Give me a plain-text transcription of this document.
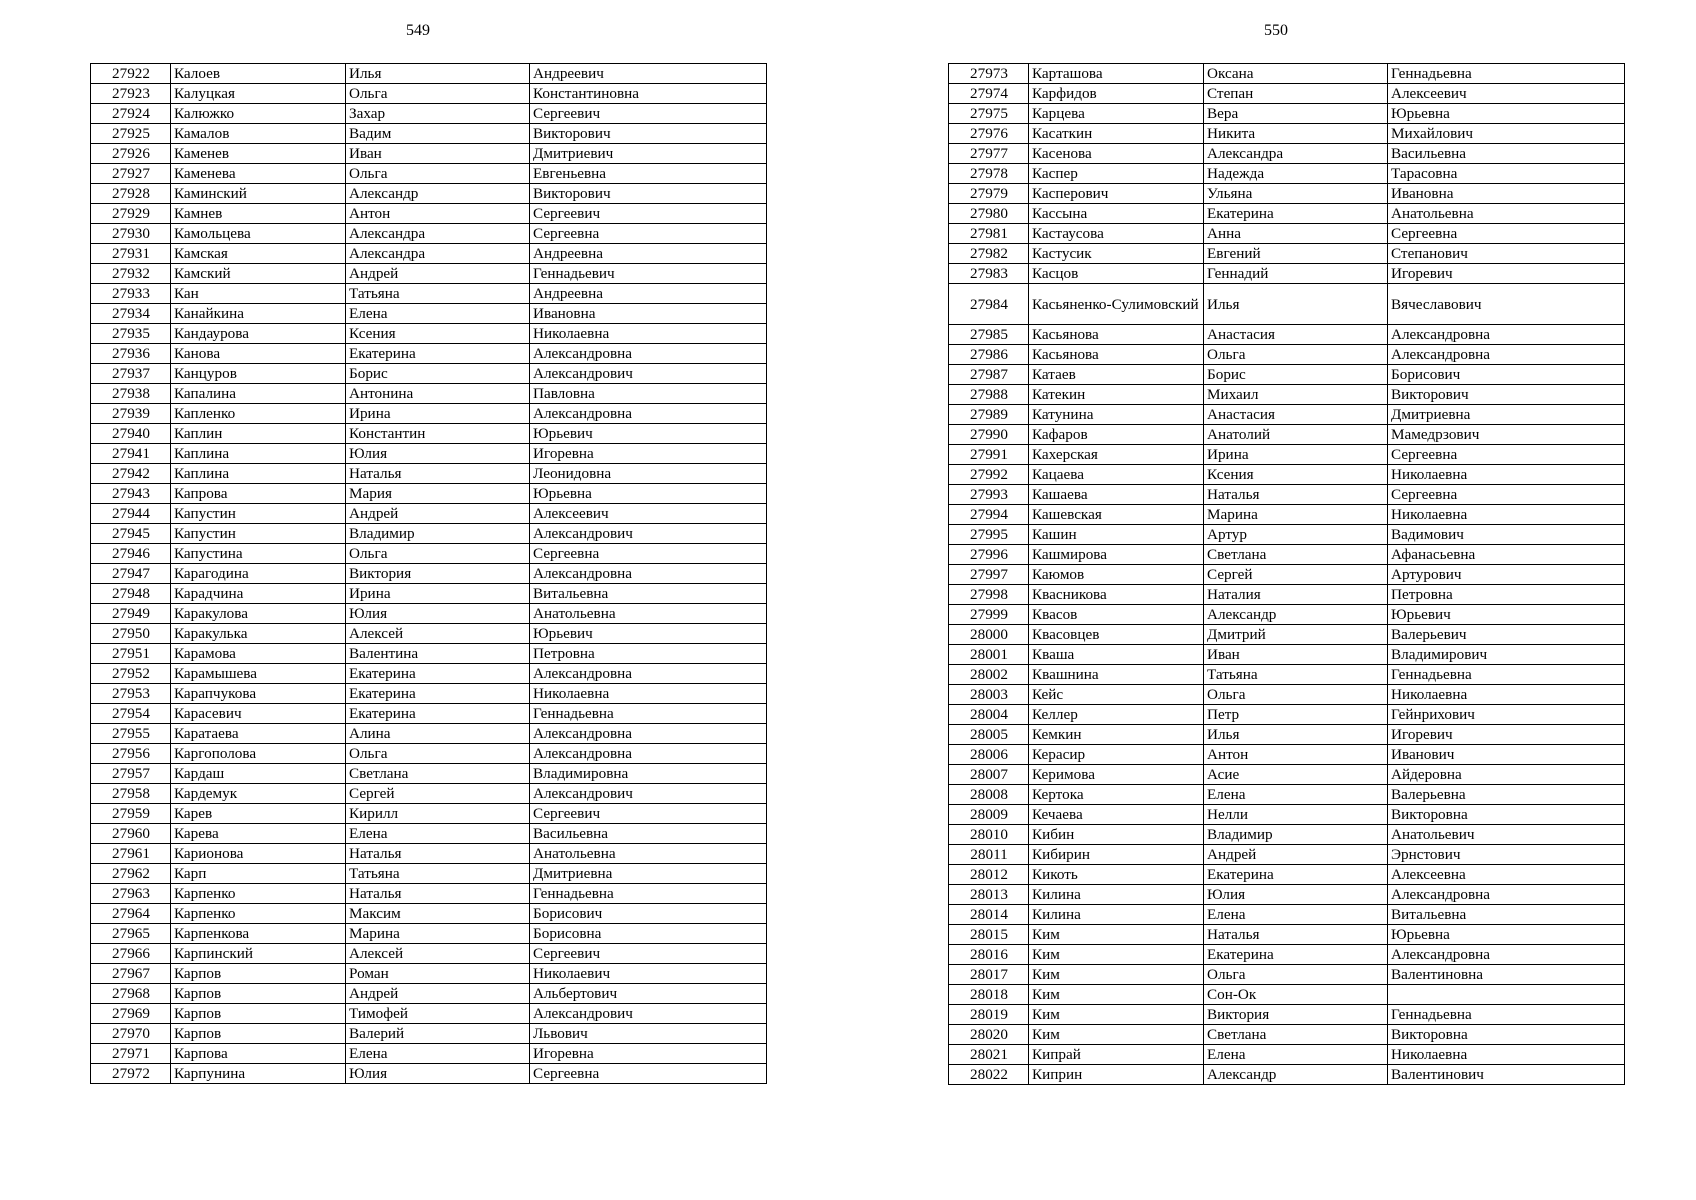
549	550
27922	Калоев	Илья	Андреевич
27923	Калуцкая	Ольга	Константиновна
27924	Калюжко	Захар	Сергеевич
27925	Камалов	Вадим	Викторович
27926	Каменев	Иван	Дмитриевич
27927	Каменева	Ольга	Евгеньевна
27928	Каминский	Александр	Викторович
27929	Камнев	Антон	Сергеевич
27930	Камольцева	Александра	Сергеевна
27931	Камская	Александра	Андреевна
27932	Камский	Андрей	Геннадьевич
27933	Кан	Татьяна	Андреевна
27934	Канайкина	Елена	Ивановна
27935	Кандаурова	Ксения	Николаевна
27936	Канова	Екатерина	Александровна
27937	Канцуров	Борис	Александрович
27938	Капалина	Антонина	Павловна
27939	Капленко	Ирина	Александровна
27940	Каплин	Константин	Юрьевич
27941	Каплина	Юлия	Игоревна
27942	Каплина	Наталья	Леонидовна
27943	Капрова	Мария	Юрьевна
27944	Капустин	Андрей	Алексеевич
27945	Капустин	Владимир	Александрович
27946	Капустина	Ольга	Сергеевна
27947	Карагодина	Виктория	Александровна
27948	Карадчина	Ирина	Витальевна
27949	Каракулова	Юлия	Анатольевна
27950	Каракулька	Алексей	Юрьевич
27951	Карамова	Валентина	Петровна
27952	Карамышева	Екатерина	Александровна
27953	Карапчукова	Екатерина	Николаевна
27954	Карасевич	Екатерина	Геннадьевна
27955	Каратаева	Алина	Александровна
27956	Каргополова	Ольга	Александровна
27957	Кардаш	Светлана	Владимировна
27958	Кардемук	Сергей	Александрович
27959	Карев	Кирилл	Сергеевич
27960	Карева	Елена	Васильевна
27961	Карионова	Наталья	Анатольевна
27962	Карп	Татьяна	Дмитриевна
27963	Карпенко	Наталья	Геннадьевна
27964	Карпенко	Максим	Борисович
27965	Карпенкова	Марина	Борисовна
27966	Карпинский	Алексей	Сергеевич
27967	Карпов	Роман	Николаевич
27968	Карпов	Андрей	Альбертович
27969	Карпов	Тимофей	Александрович
27970	Карпов	Валерий	Львович
27971	Карпова	Елена	Игоревна
27972	Карпунина	Юлия	Сергеевна
27973	Карташова	Оксана	Геннадьевна
27974	Карфидов	Степан	Алексеевич
27975	Карцева	Вера	Юрьевна
27976	Касаткин	Никита	Михайлович
27977	Касенова	Александра	Васильевна
27978	Каспер	Надежда	Тарасовна
27979	Касперович	Ульяна	Ивановна
27980	Кассына	Екатерина	Анатольевна
27981	Кастаусова	Анна	Сергеевна
27982	Кастусик	Евгений	Степанович
27983	Касцов	Геннадий	Игоревич
27984	Касьяненко-Сулимовский	Илья	Вячеславович
27985	Касьянова	Анастасия	Александровна
27986	Касьянова	Ольга	Александровна
27987	Катаев	Борис	Борисович
27988	Катекин	Михаил	Викторович
27989	Катунина	Анастасия	Дмитриевна
27990	Кафаров	Анатолий	Мамедрзович
27991	Кахерская	Ирина	Сергеевна
27992	Кацаева	Ксения	Николаевна
27993	Кашаева	Наталья	Сергеевна
27994	Кашевская	Марина	Николаевна
27995	Кашин	Артур	Вадимович
27996	Кашмирова	Светлана	Афанасьевна
27997	Каюмов	Сергей	Артурович
27998	Квасникова	Наталия	Петровна
27999	Квасов	Александр	Юрьевич
28000	Квасовцев	Дмитрий	Валерьевич
28001	Кваша	Иван	Владимирович
28002	Квашнина	Татьяна	Геннадьевна
28003	Кейс	Ольга	Николаевна
28004	Келлер	Петр	Гейнрихович
28005	Кемкин	Илья	Игоревич
28006	Керасир	Антон	Иванович
28007	Керимова	Асие	Айдеровна
28008	Кертока	Елена	Валерьевна
28009	Кечаева	Нелли	Викторовна
28010	Кибин	Владимир	Анатольевич
28011	Кибирин	Андрей	Эрнстович
28012	Кикоть	Екатерина	Алексеевна
28013	Килина	Юлия	Александровна
28014	Килина	Елена	Витальевна
28015	Ким	Наталья	Юрьевна
28016	Ким	Екатерина	Александровна
28017	Ким	Ольга	Валентиновна
28018	Ким	Сон-Ок	
28019	Ким	Виктория	Геннадьевна
28020	Ким	Светлана	Викторовна
28021	Кипрай	Елена	Николаевна
28022	Киприн	Александр	Валентинович
